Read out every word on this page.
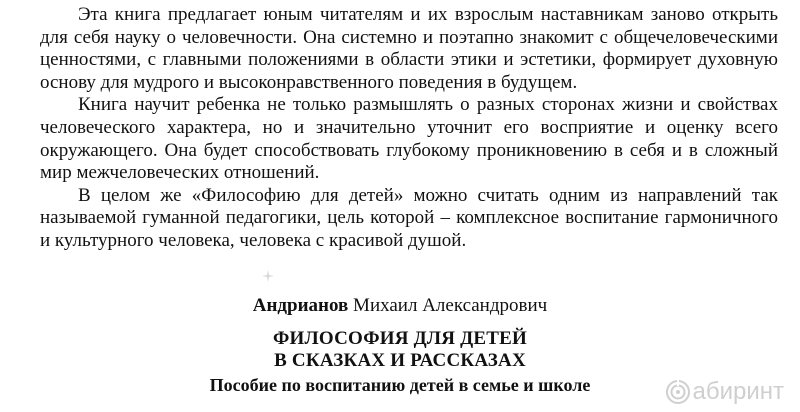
Эта книга предлагает юным читателям и их взрослым наставникам заново открыть для себя науку о человечности. Она системно и поэтапно знакомит с общечеловеческими ценностями, с главными положениями в области этики и эстетики, формирует духовную основу для мудрого и высоконравственного поведения в будущем.

Книга научит ребенка не только размышлять о разных сторонах жизни и свойствах человеческого характера, но и значительно уточнит его восприятие и оценку всего окружающего. Она будет способствовать глубокому проникновению в себя и в сложный мир межчеловеческих отношений.

В целом же «Философию для детей» можно считать одним из направлений так называемой гуманной педагогики, цель которой – комплексное воспитание гармоничного и культурного человека, человека с красивой душой.

Андрианов Михаил Александрович
ФИЛОСОФИЯ ДЛЯ ДЕТЕЙ
В СКАЗКАХ И РАССКАЗАХ
Пособие по воспитанию детей в семье и школе	абиринт
